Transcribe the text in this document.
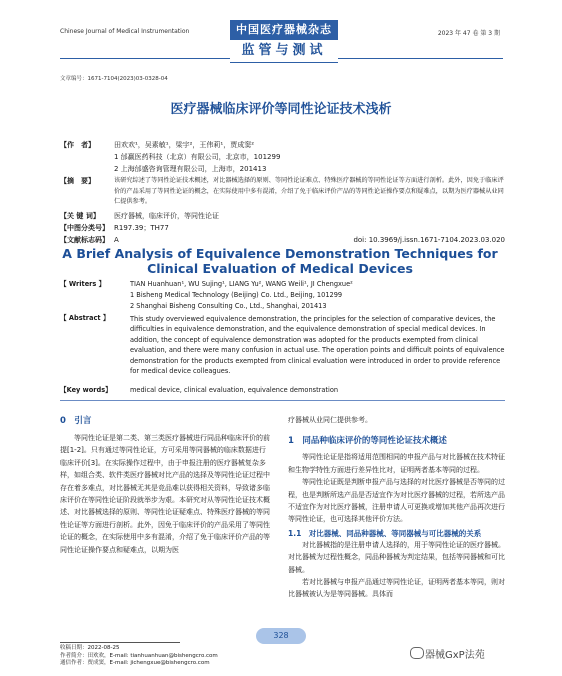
Chinese Journal of Medical Instrumentation	2023 年 47 卷 第 3 期
中国医疗器械杂志
监管与测试
文章编号：1671-7104(2023)03-0328-04
医疗器械临床评价等同性论证技术浅析
【作　者】	田欢欢¹，吴素敏¹，梁宇²，王伟莉¹，贾成窦²
1 邰赢医药科技（北京）有限公司，北京市，101299
2 上海邰盛咨询管理有限公司，上海市，201413
【摘　要】	该研究综述了等同性论证技术概述，对比器械选择的原则、等同性论证难点、特殊医疗器械的等同性论证等方面进行剖析。此外，因免于临床评价的产品采用了等同性论证的概念，在实际使用中多有混淆，介绍了免于临床评价产品的等同性论证操作要点和疑难点，以期为医疗器械从业同仁提供参考。
【关 键 词】 医疗器械，临床评价，等同性论证
【中图分类号】 R197.39；TH77
【文献标志码】 A	doi: 10.3969/j.issn.1671-7104.2023.03.020
A Brief Analysis of Equivalence Demonstration Techniques for Clinical Evaluation of Medical Devices
【 Writers 】	TIAN Huanhuan¹, WU Sujing¹, LIANG Yu², WANG Weili¹, JI Chengxue²
1 Bisheng Medical Technology (Beijing) Co. Ltd., Beijing, 101299
2 Shanghai Bisheng Consulting Co., Ltd., Shanghai, 201413
【 Abstract 】	This study overviewed equivalence demonstration, the principles for the selection of comparative devices, the difficulties in equivalence demonstration, and the equivalence demonstration of special medical devices. In addition, the concept of equivalence demonstration was adopted for the products exempted from clinical evaluation, and there were many confusion in actual use. The operation points and difficult points of equivalence demonstration for the products exempted from clinical evaluation were introduced in order to provide reference for medical device colleagues.
【Key words】	medical device, clinical evaluation, equivalence demonstration
0　引言
等同性论证是第二类、第三类医疗器械进行同品种临床评价的前提[1-2]。只有通过等同性论证，方可采用等同器械的临床数据进行临床评价[3]。在实际操作过程中，由于申报注册的医疗器械复杂多样，如组合类、软件类医疗器械对比产品的选择及等同性论证过程中存在着多难点，对比器械无其是竞品难以获得相关资料，导致诸多临床评价在等同性论证阶段就举步为艰。本研究对从等同性论证技术概述、对比器械选择的原则、等同性论证疑难点、特殊医疗器械的等同性论证等方面进行剖析。此外，因免于临床评价的产品采用了等同性论证的概念，在实际使用中多有混淆，介绍了免于临床评价产品的等同性论证操作要点和疑难点，以期为医
收稿日期：2022-08-25
作者简介：田欢欢，E-mail: tianhuanhuan@bishengcro.com
通信作者：贾成窦，E-mail: jichengxue@bishengcro.com
疗器械从业同仁提供参考。
1　同品种临床评价的等同性论证技术概述
等同性论证是指将适用范围相同的申报产品与对比器械在技术特征和生物学特性方面进行差异性比对，证明两者基本等同的过程。
等同性论证既是判断申报产品与选择的对比医疗器械是否等同的过程，也是判断所选产品是否适宜作为对比医疗器械的过程，若所选产品不适宜作为对比医疗器械，注册申请人可更换或增加其他产品再次进行等同性论证，也可选择其他评价方法。
1.1　对比器械、同品种器械、等同器械与可比器械的关系
对比器械指的是注册申请人选择的，用于等同性论证的医疗器械。对比器械为过程性概念，同品种器械为判定结果，包括等同器械和可比器械。
若对比器械与申报产品通过等同性论证，证明两者基本等同，则对比器械被认为是等同器械。具体而
328
器械GxP法苑
